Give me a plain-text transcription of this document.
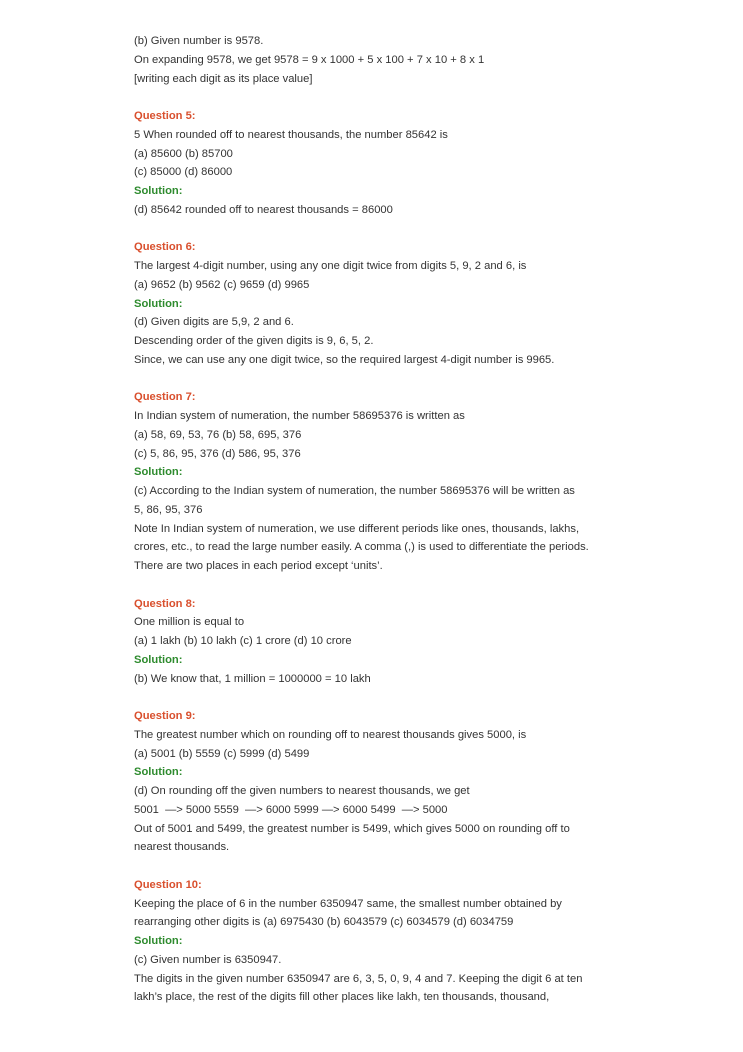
(b) Given number is 9578.
On expanding 9578, we get 9578 = 9 x 1000 + 5 x 100 + 7 x 10 + 8 x 1
[writing each digit as its place value]
Question 5:
5 When rounded off to nearest thousands, the number 85642 is
(a) 85600 (b) 85700
(c) 85000 (d) 86000
Solution:
(d) 85642 rounded off to nearest thousands = 86000
Question 6:
The largest 4-digit number, using any one digit twice from digits 5, 9, 2 and 6, is
(a) 9652 (b) 9562 (c) 9659 (d) 9965
Solution:
(d) Given digits are 5,9, 2 and 6.
Descending order of the given digits is 9, 6, 5, 2.
Since, we can use any one digit twice, so the required largest 4-digit number is 9965.
Question 7:
In Indian system of numeration, the number 58695376 is written as
(a) 58, 69, 53, 76 (b) 58, 695, 376
(c) 5, 86, 95, 376 (d) 586, 95, 376
Solution:
(c) According to the Indian system of numeration, the number 58695376 will be written as
5, 86, 95, 376
Note In Indian system of numeration, we use different periods like ones, thousands, lakhs,
crores, etc., to read the large number easily. A comma (,) is used to differentiate the periods.
There are two places in each period except ‘units’.
Question 8:
One million is equal to
(a) 1 lakh (b) 10 lakh (c) 1 crore (d) 10 crore
Solution:
(b) We know that, 1 million = 1000000 = 10 lakh
Question 9:
The greatest number which on rounding off to nearest thousands gives 5000, is
(a) 5001 (b) 5559 (c) 5999 (d) 5499
Solution:
(d) On rounding off the given numbers to nearest thousands, we get
5001  —> 5000 5559  —> 6000 5999 —> 6000 5499  —> 5000
Out of 5001 and 5499, the greatest number is 5499, which gives 5000 on rounding off to
nearest thousands.
Question 10:
Keeping the place of 6 in the number 6350947 same, the smallest number obtained by
rearranging other digits is (a) 6975430 (b) 6043579 (c) 6034579 (d) 6034759
Solution:
(c) Given number is 6350947.
The digits in the given number 6350947 are 6, 3, 5, 0, 9, 4 and 7. Keeping the digit 6 at ten
lakh’s place, the rest of the digits fill other places like lakh, ten thousands, thousand,
